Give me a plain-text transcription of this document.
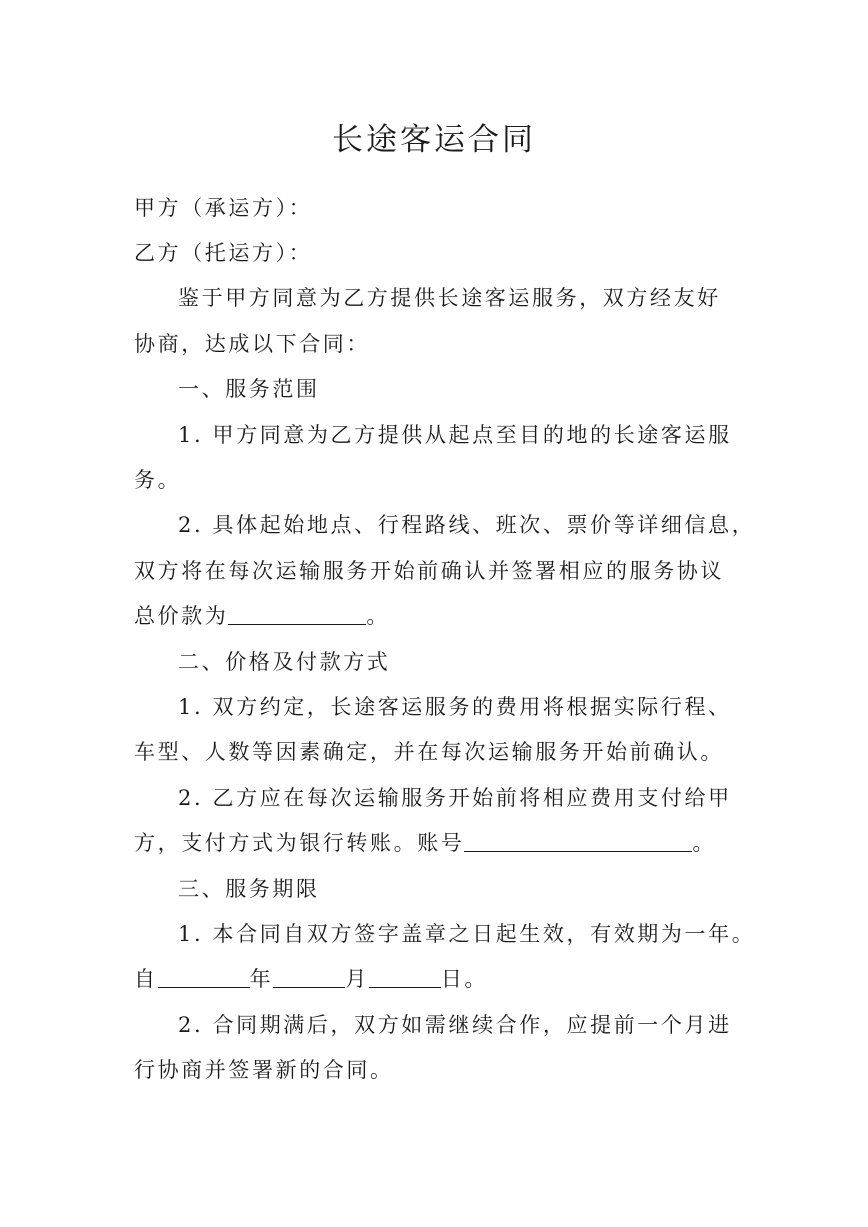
长途客运合同
甲方（承运方）：
乙方（托运方）：
鉴于甲方同意为乙方提供长途客运服务，双方经友好
协商，达成以下合同：
一、服务范围
1. 甲方同意为乙方提供从起点至目的地的长途客运服
务。
2. 具体起始地点、行程路线、班次、票价等详细信息，
双方将在每次运输服务开始前确认并签署相应的服务协议
总价款为	。
二、价格及付款方式
1. 双方约定，长途客运服务的费用将根据实际行程、
车型、人数等因素确定，并在每次运输服务开始前确认。
2. 乙方应在每次运输服务开始前将相应费用支付给甲
方，支付方式为银行转账。账号	。
三、服务期限
1. 本合同自双方签字盖章之日起生效，有效期为一年。
自	年	月	日。
2. 合同期满后，双方如需继续合作，应提前一个月进
行协商并签署新的合同。
